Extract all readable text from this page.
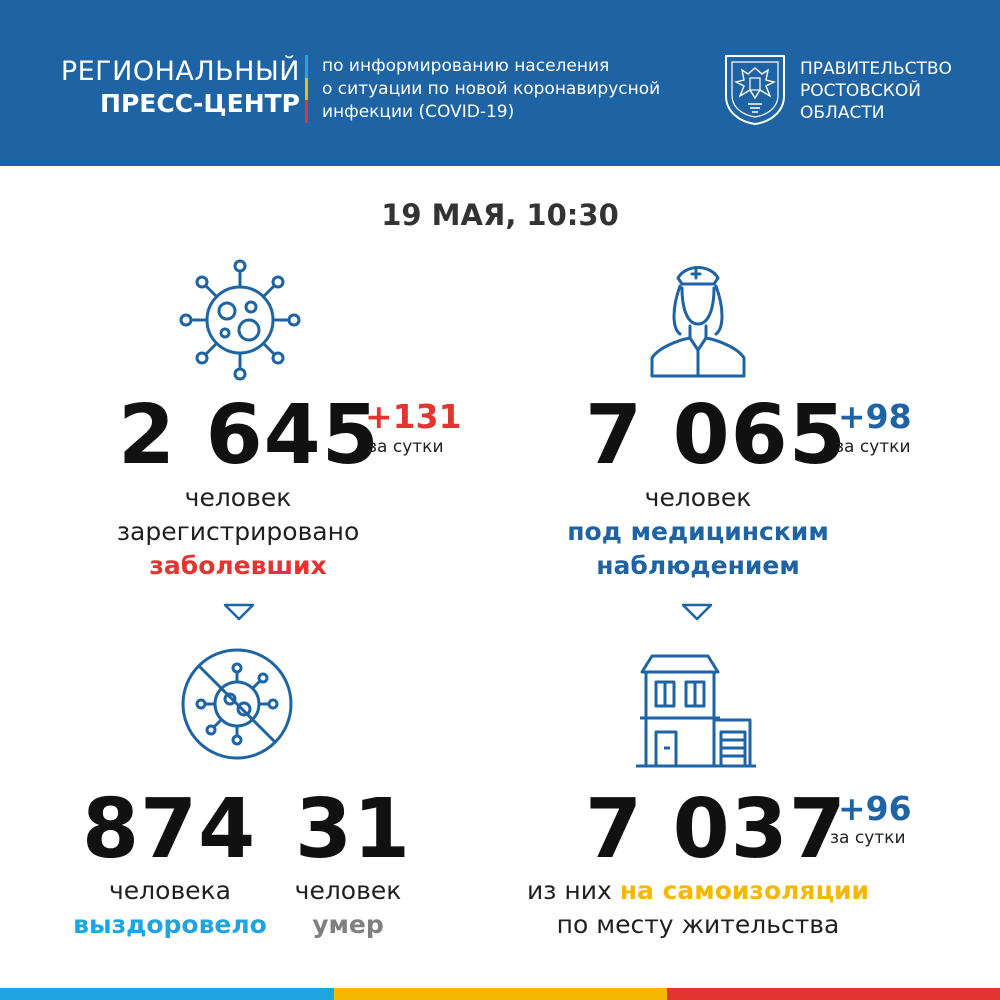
РЕГИОНАЛЬНЫЙ
ПРЕСС-ЦЕНТР
по информированию населения
о ситуации по новой коронавирусной
инфекции (COVID-19)
ПРАВИТЕЛЬСТВО
РОСТОВСКОЙ
ОБЛАСТИ
19 МАЯ, 10:30
2 645
+131
за сутки
человек
зарегистрировано
заболевших
7 065
+98
за сутки
человек
под медицинским
наблюдением
874 31
человека
выздоровело
человек
умер
7 037
+96
за сутки
из них на самоизоляции
по месту жительства
